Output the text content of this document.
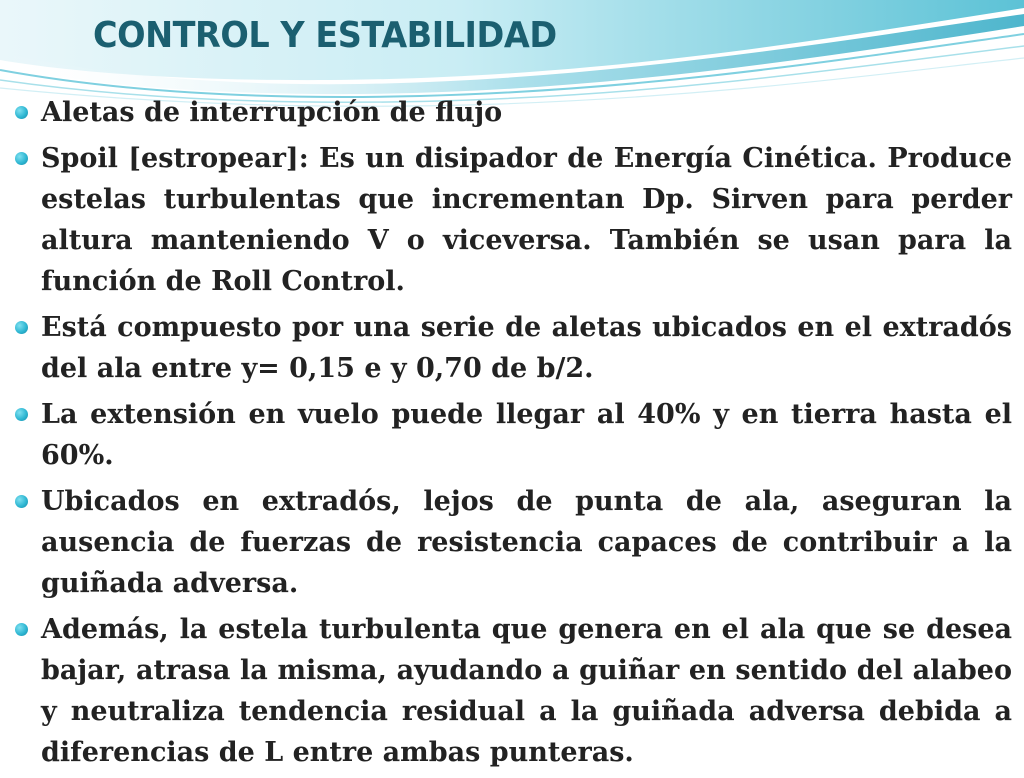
CONTROL Y ESTABILIDAD
Aletas de interrupción de flujo
Spoil [estropear]: Es un disipador de Energía Cinética. Produce estelas turbulentas que incrementan Dp. Sirven para perder altura manteniendo V o viceversa. También se usan para la función de Roll Control.
Está compuesto por una serie de aletas ubicados en el extradós del ala entre y= 0,15 e y 0,70 de b/2.
La extensión en vuelo puede llegar al 40% y en tierra hasta el 60%.
Ubicados en extradós, lejos de punta de ala, aseguran la ausencia de fuerzas de resistencia capaces de contribuir a la guiñada adversa.
Además, la estela turbulenta que genera en el ala que se desea bajar, atrasa la misma, ayudando a guiñar en sentido del alabeo y neutraliza tendencia residual a la guiñada adversa debida a diferencias de L entre ambas punteras.
